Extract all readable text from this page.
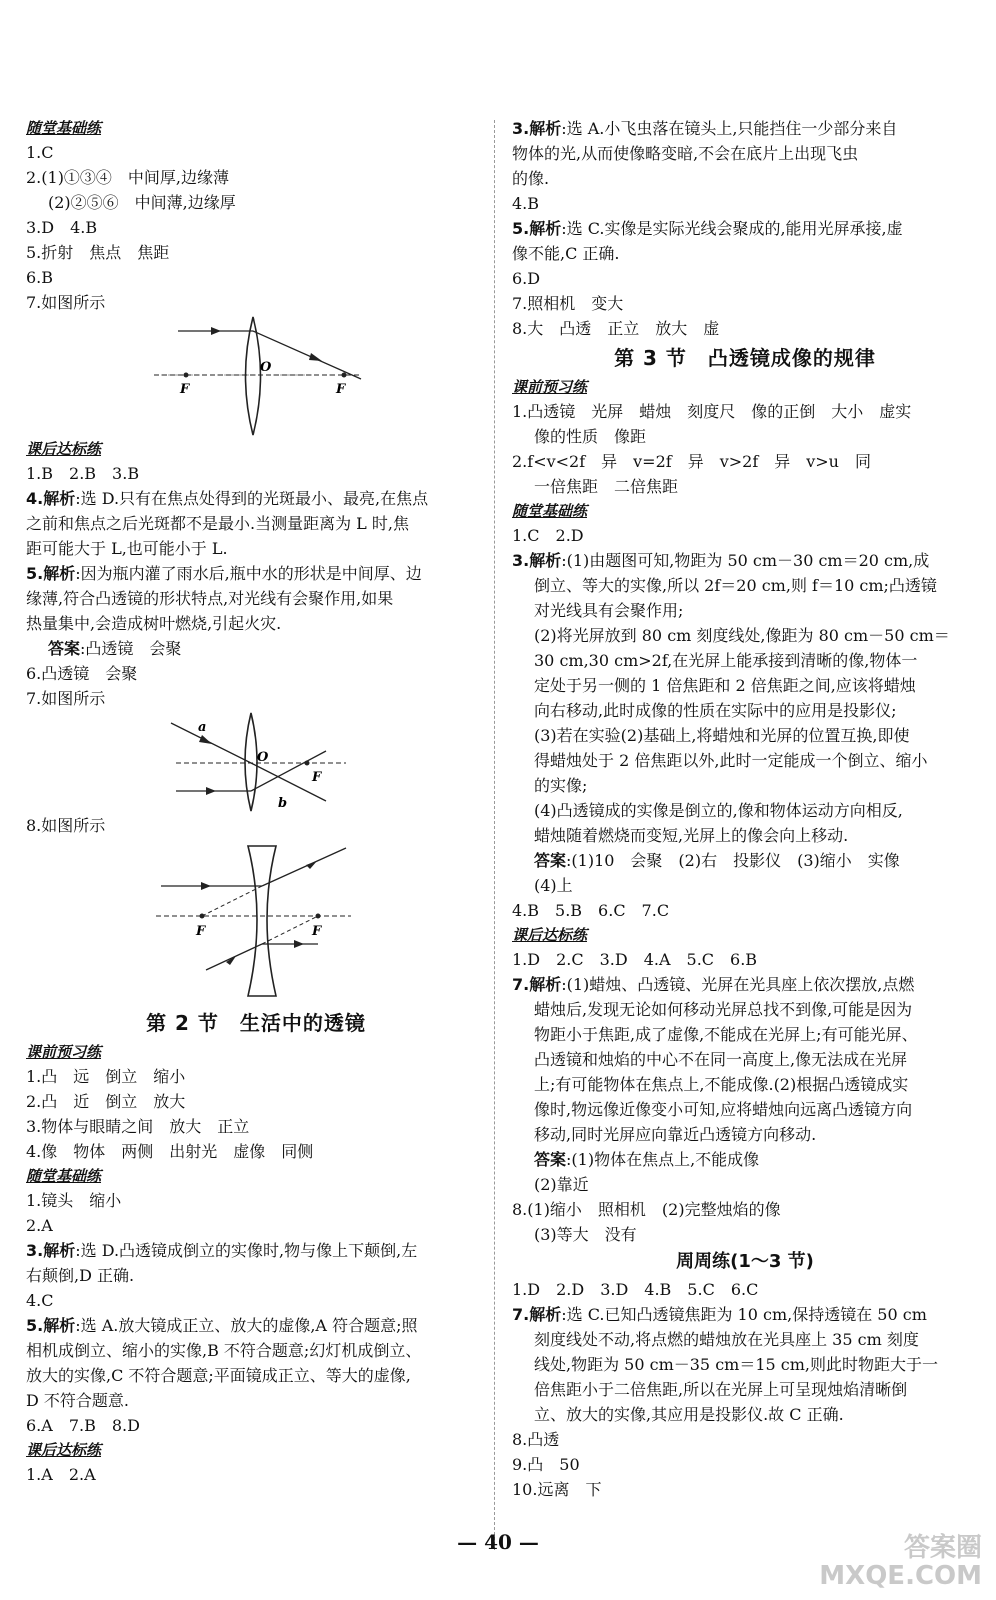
随堂基础练
1.C
2.(1)①③④　中间厚,边缘薄
(2)②⑤⑥　中间薄,边缘厚
3.D　4.B
5.折射　焦点　焦距
6.B
7.如图所示
O
F	F
课后达标练
1.B　2.B　3.B
4.解析:选 D.只有在焦点处得到的光斑最小、最亮,在焦点
之前和焦点之后光斑都不是最小.当测量距离为 L 时,焦
距可能大于 L,也可能小于 L.
5.解析:因为瓶内灌了雨水后,瓶中水的形状是中间厚、边
缘薄,符合凸透镜的形状特点,对光线有会聚作用,如果
热量集中,会造成树叶燃烧,引起火灾.
答案:凸透镜　会聚
6.凸透镜　会聚
7.如图所示
a
O
b
F
8.如图所示
F	F
第 2 节　生活中的透镜
课前预习练
1.凸　远　倒立　缩小
2.凸　近　倒立　放大
3.物体与眼睛之间　放大　正立
4.像　物体　两侧　出射光　虚像　同侧
随堂基础练
1.镜头　缩小
2.A
3.解析:选 D.凸透镜成倒立的实像时,物与像上下颠倒,左
右颠倒,D 正确.
4.C
5.解析:选 A.放大镜成正立、放大的虚像,A 符合题意;照
相机成倒立、缩小的实像,B 不符合题意;幻灯机成倒立、
放大的实像,C 不符合题意;平面镜成正立、等大的虚像,
D 不符合题意.
6.A　7.B　8.D
课后达标练
1.A　2.A
3.解析:选 A.小飞虫落在镜头上,只能挡住一少部分来自
物体的光,从而使像略变暗,不会在底片上出现飞虫
的像.
4.B
5.解析:选 C.实像是实际光线会聚成的,能用光屏承接,虚
像不能,C 正确.
6.D
7.照相机　变大
8.大　凸透　正立　放大　虚
第 3 节　凸透镜成像的规律
课前预习练
1.凸透镜　光屏　蜡烛　刻度尺　像的正倒　大小　虚实
像的性质　像距
2.f<v<2f　异　v=2f　异　v>2f　异　v>u　同
一倍焦距　二倍焦距
随堂基础练
1.C　2.D
3.解析:(1)由题图可知,物距为 50 cm－30 cm＝20 cm,成
倒立、等大的实像,所以 2f＝20 cm,则 f＝10 cm;凸透镜
对光线具有会聚作用;
(2)将光屏放到 80 cm 刻度线处,像距为 80 cm－50 cm＝
30 cm,30 cm>2f,在光屏上能承接到清晰的像,物体一
定处于另一侧的 1 倍焦距和 2 倍焦距之间,应该将蜡烛
向右移动,此时成像的性质在实际中的应用是投影仪;
(3)若在实验(2)基础上,将蜡烛和光屏的位置互换,即使
得蜡烛处于 2 倍焦距以外,此时一定能成一个倒立、缩小
的实像;
(4)凸透镜成的实像是倒立的,像和物体运动方向相反,
蜡烛随着燃烧而变短,光屏上的像会向上移动.
答案:(1)10　会聚　(2)右　投影仪　(3)缩小　实像
(4)上
4.B　5.B　6.C　7.C
课后达标练
1.D　2.C　3.D　4.A　5.C　6.B
7.解析:(1)蜡烛、凸透镜、光屏在光具座上依次摆放,点燃
蜡烛后,发现无论如何移动光屏总找不到像,可能是因为
物距小于焦距,成了虚像,不能成在光屏上;有可能光屏、
凸透镜和烛焰的中心不在同一高度上,像无法成在光屏
上;有可能物体在焦点上,不能成像.(2)根据凸透镜成实
像时,物远像近像变小可知,应将蜡烛向远离凸透镜方向
移动,同时光屏应向靠近凸透镜方向移动.
答案:(1)物体在焦点上,不能成像
(2)靠近
8.(1)缩小　照相机　(2)完整烛焰的像
(3)等大　没有
周周练(1～3 节)
1.D　2.D　3.D　4.B　5.C　6.C
7.解析:选 C.已知凸透镜焦距为 10 cm,保持透镜在 50 cm
刻度线处不动,将点燃的蜡烛放在光具座上 35 cm 刻度
线处,物距为 50 cm－35 cm＝15 cm,则此时物距大于一
倍焦距小于二倍焦距,所以在光屏上可呈现烛焰清晰倒
立、放大的实像,其应用是投影仪.故 C 正确.
8.凸透
9.凸　50
10.远离　下
— 40 —	答案圈
MXQE.COM
